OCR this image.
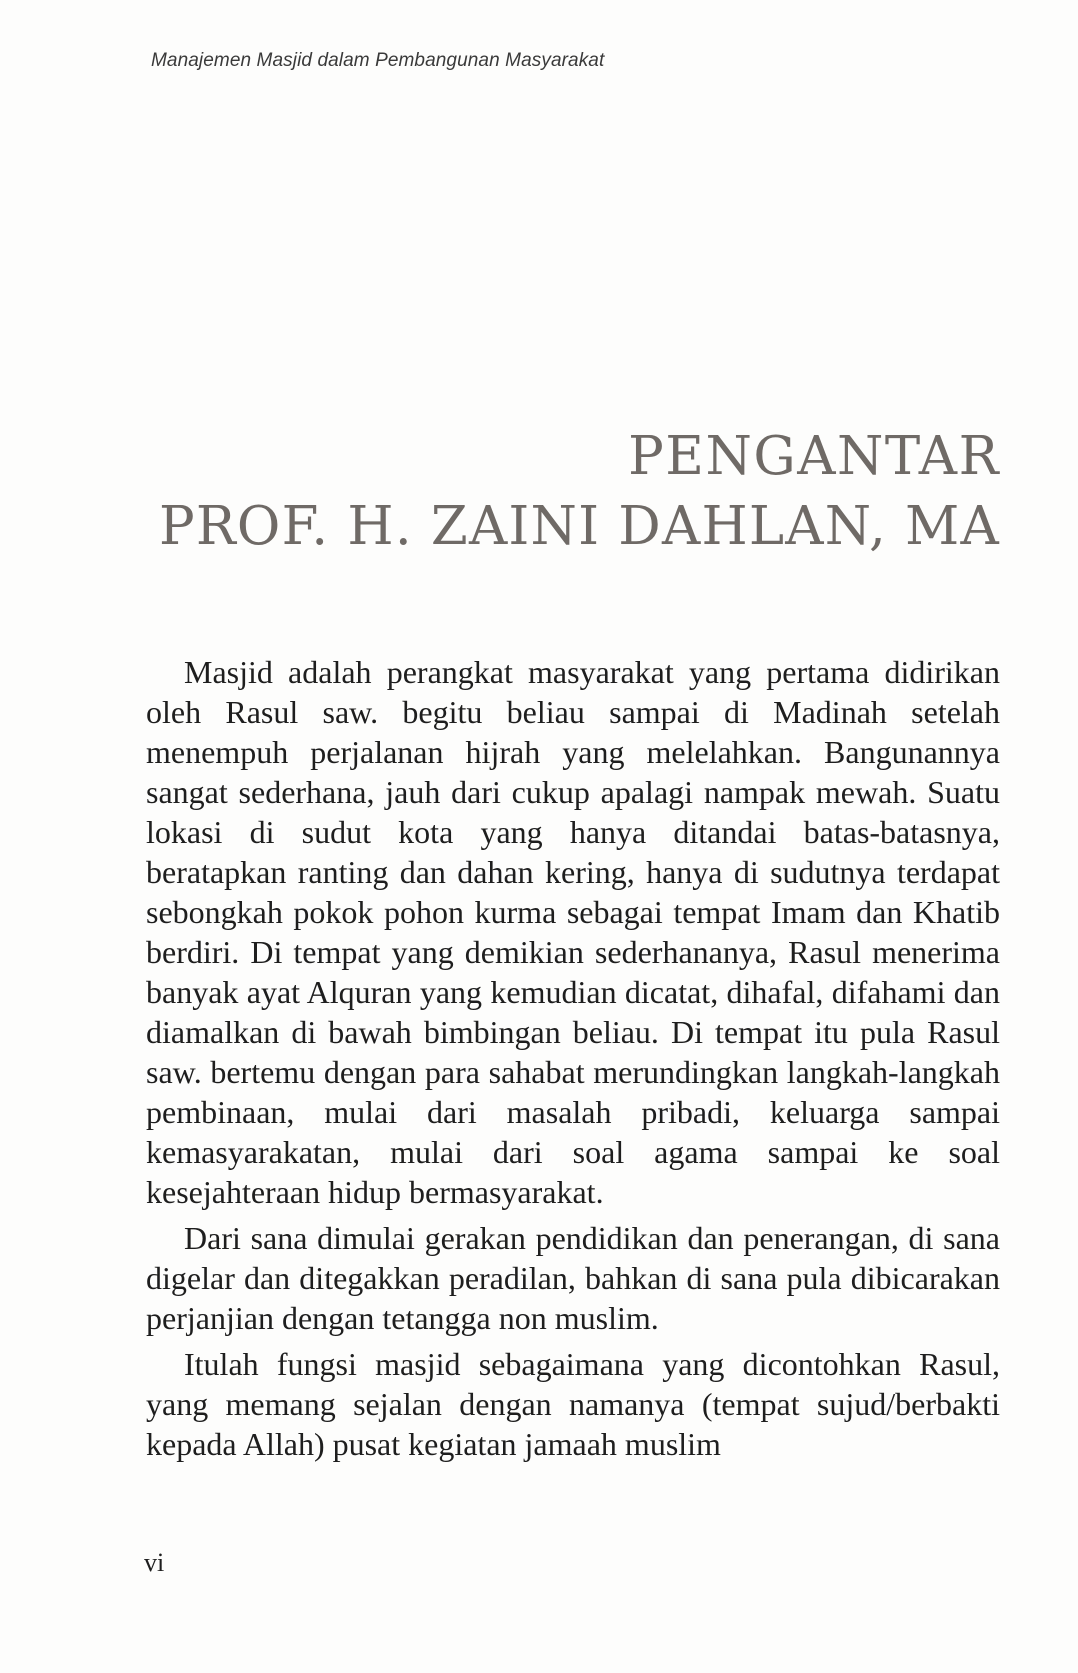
Manajemen Masjid dalam Pembangunan Masyarakat
PENGANTAR
PROF. H. ZAINI DAHLAN, MA

Masjid adalah perangkat masyarakat yang pertama didirikan oleh Rasul saw. begitu beliau sampai di Madinah setelah menempuh perjalanan hijrah yang melelahkan. Bangunannya sangat sederhana, jauh dari cukup apalagi nampak mewah. Suatu lokasi di sudut kota yang hanya ditandai batas-batasnya, beratapkan ranting dan dahan kering, hanya di sudutnya terdapat sebongkah pokok pohon kurma sebagai tempat Imam dan Khatib berdiri. Di tempat yang demikian sederhananya, Rasul menerima banyak ayat Alquran yang kemudian dicatat, dihafal, difahami dan diamalkan di bawah bimbingan beliau. Di tempat itu pula Rasul saw. bertemu dengan para sahabat merundingkan langkah-langkah pembinaan, mulai dari masalah pribadi, keluarga sampai kemasyarakatan, mulai dari soal agama sampai ke soal kesejahteraan hidup bermasyarakat.

Dari sana dimulai gerakan pendidikan dan penerangan, di sana digelar dan ditegakkan peradilan, bahkan di sana pula dibicarakan perjanjian dengan tetangga non muslim.

Itulah fungsi masjid sebagaimana yang dicontohkan Rasul, yang memang sejalan dengan namanya (tempat sujud/berbakti kepada Allah) pusat kegiatan jamaah muslim

vi
